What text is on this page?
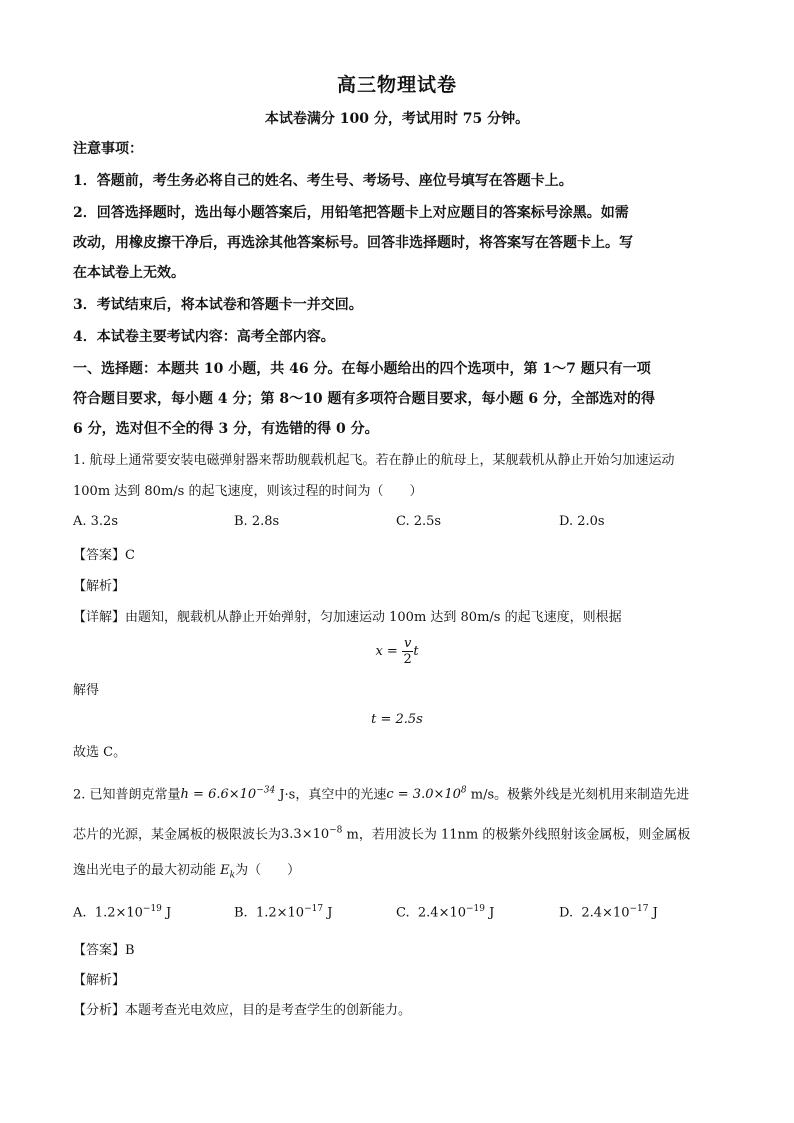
高三物理试卷
本试卷满分 100 分，考试用时 75 分钟。
注意事项：
1．答题前，考生务必将自己的姓名、考生号、考场号、座位号填写在答题卡上。
2．回答选择题时，选出每小题答案后，用铅笔把答题卡上对应题目的答案标号涂黑。如需
改动，用橡皮擦干净后，再选涂其他答案标号。回答非选择题时，将答案写在答题卡上。写
在本试卷上无效。
3．考试结束后，将本试卷和答题卡一并交回。
4．本试卷主要考试内容：高考全部内容。
一、选择题：本题共 10 小题，共 46 分。在每小题给出的四个选项中，第 1～7 题只有一项
符合题目要求，每小题 4 分；第 8～10 题有多项符合题目要求，每小题 6 分，全部选对的得
6 分，选对但不全的得 3 分，有选错的得 0 分。
1. 航母上通常要安装电磁弹射器来帮助舰载机起飞。若在静止的航母上，某舰载机从静止开始匀加速运动
100m 达到 80m/s 的起飞速度，则该过程的时间为（　　）
A. 3.2s	B. 2.8s	C. 2.5s	D. 2.0s
【答案】C
【解析】
【详解】由题知，舰载机从静止开始弹射，匀加速运动 100m 达到 80m/s 的起飞速度，则根据
$x = \frac{v}{2}$ t
解得
t = 2.5s
故选 C。
2. 已知普朗克常量$h = 6.6\times 10^{-34}$ J·s，真空中的光速$c = 3.0\times 10^8$ m/s。极紫外线是光刻机用来制造先进
芯片的光源，某金属板的极限波长为$3.3\times 10^{-8}$ m，若用波长为 11nm 的极紫外线照射该金属板，则金属板
逸出光电子的最大初动能 $E_k$为（　　）
A. $1.2\times 10^{-19}$ J	B. $1.2\times 10^{-17}$ J	C. $2.4\times 10^{-19}$ J	D. $2.4\times 10^{-17}$ J
【答案】B
【解析】
【分析】本题考查光电效应，目的是考查学生的创新能力。
